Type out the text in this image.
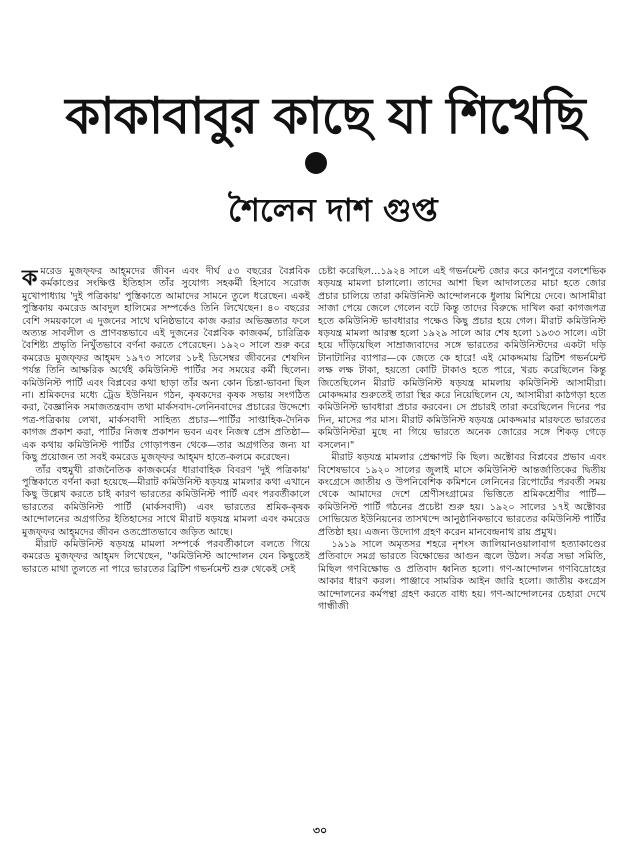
কাকাবাবুর কাছে যা শিখেছি
শৈলেন দাশ গুপ্ত

কমরেড মুজফ্‌ফর আহ্‌মদের জীবন এবং দীর্ঘ ৫৩ বছরের বৈপ্লবিক কর্মকাণ্ডের সংক্ষিপ্ত ইতিহাস তাঁর সুযোগ্য সহকর্মী হিসাবে সরোজ মুখোপাধ্যায় 'দুই পত্রিকায়' পুস্তিকাতে আমাদের সামনে তুলে ধরেছেন। একই পুস্তিকায় কমরেড আবদুল হালিমের সম্পর্কেও তিনি লিখেছেন। ৪০ বছরের বেশি সময়কালে এ দুজনের সাথে ঘনিষ্ঠভাবে কাজ করার অভিজ্ঞতার ফলে অত্যন্ত সাবলীল ও প্রাণবন্তভাবে এই দুজনের বৈপ্লবিক কাজকর্ম, চারিত্রিক বৈশিষ্ট্য প্রভৃতি নিখুঁতভাবে বর্ণনা করতে পেরেছেন। ১৯২০ সালে শুরু করে কমরেড মুজফ্‌ফর আহ্‌মদ ১৯৭৩ সালের ১৮ই ডিসেম্বর জীবনের শেষদিন পর্যন্ত তিনি আক্ষরিক অর্থেই কমিউনিস্ট পার্টির সব সময়ের কর্মী ছিলেন। কমিউনিস্ট পার্টি এবং বিপ্লবের কথা ছাড়া তাঁর অন্য কোন চিন্তা-ভাবনা ছিল না। শ্রমিকদের মধ্যে ট্রেড ইউনিয়ন গঠন, কৃষকদের কৃষক সভায় সংগঠিত করা, বৈজ্ঞানিক সমাজতন্ত্রবাদ তথা মার্কসবাদ-লেনিনবাদের প্রচারের উদ্দেশ্যে পত্র-পত্রিকায় লেখা, মার্কসবাদী সাহিত্য প্রচার—পার্টির সাপ্তাহিক-দৈনিক কাগজ প্রকাশ করা, পার্টির নিজস্ব প্রকাশন ভবন এবং নিজস্ব প্রেস প্রতিষ্ঠা—এক কথায় কমিউনিস্ট পার্টির গোড়াপত্তন থেকে—তার অগ্রগতির জন্য যা কিছু প্রয়োজন তা সবই কমরেড মুজফ্‌ফর আহ্‌মদ হাতে-কলমে করেছেন।

তাঁর বহুমুখী রাজনৈতিক কাজকর্মের ধারাবাহিক বিবরণ 'দুই পত্রিকায়' পুস্তিকাতে বর্ণনা করা হয়েছে—মীরাট কমিউনিস্ট ষড়যন্ত্র মামলার কথা এখানে কিছু উল্লেখ করতে চাই কারণ ভারতের কমিউনিস্ট পার্টি এবং পরবর্তীকালে ভারতের কমিউনিস্ট পার্টি (মার্কসবাদী) এবং ভারতের শ্রমিক-কৃষক আন্দোলনের অগ্রগতির ইতিহাসের সাথে মীরাট ষড়যন্ত্র মামলা এবং কমরেড মুজফ্‌ফর আহ্‌মদের জীবন ওতপ্রোতভাবে জড়িত আছে।

মীরাট কমিউনিস্ট ষড়যন্ত্র মামলা সম্পর্কে পরবর্তীকালে বলতে গিয়ে কমরেড মুজফ্‌ফর আহ্‌মদ লিখেছেন, "কমিউনিস্ট আন্দোলন যেন কিছুতেই ভারতে মাথা তুলতে না পারে ভারতের ব্রিটিশ গভর্নমেন্ট শুরু থেকেই সেই

চেষ্টা করেছিল…১৯২৪ সালে এই গভর্নমেন্ট জোর করে কানপুরে বলশেভিক ষড়যন্ত্র মামলা চালালো। তাদের আশা ছিল আদালতের মাচা হতে জোর প্রচার চালিয়ে তারা কমিউনিস্ট আন্দোলনকে ধুলায় মিশিয়ে দেবে। আসামীরা সাজা পেয়ে জেলে গেলেন বটে কিন্তু তাদের বিরুদ্ধে দাখিল করা কাগজপত্র হতে কমিউনিস্ট ভাবধারার পক্ষেও কিছু প্রচার হয়ে গেল। মীরাট কমিউনিস্ট ষড়যন্ত্র মামলা আরম্ভ হলো ১৯২৯ সালে আর শেষ হলো ১৯৩৩ সালে। এটা হয়ে দাঁড়িয়েছিল সাম্রাজ্যবাদের সঙ্গে ভারতের কমিউনিস্টদের একটা দড়ি টানাটানির ব্যাপার—কে জেতে কে হারে! এই মোকদ্দমায় ব্রিটিশ গভর্নমেন্ট লক্ষ লক্ষ টাকা, হয়তো কোটি টাকাও হতে পারে, খরচ করেছিলেন কিন্তু জিতেছিলেন মীরাট কমিউনিস্ট ষড়যন্ত্র মামলায় কমিউনিস্ট আসামীরা। মোকদ্দমার শুরুতেই তারা স্থির করে নিয়েছিলেন যে, আসামীরা কাঠগড়া হতে কমিউনিস্ট ভাবধারা প্রচার করবেন। সে প্রচারই তারা করেছিলেন দিনের পর দিন, মাসের পর মাস। মীরাট কমিউনিস্ট ষড়যন্ত্র মোকদ্দমার মারফতে ভারতের কমিউনিস্টরা মুছে না গিয়ে ভারতে অনেক জোরের সঙ্গে শিকড় গেড়ে বসলেন।"

মীরাট ষড়যন্ত্র মামলার প্রেক্ষাপট কি ছিল। অক্টোবর বিপ্লবের প্রভাব এবং বিশেষভাবে ১৯২০ সালের জুলাই মাসে কমিউনিস্ট আন্তর্জাতিকের দ্বিতীয় কংগ্রেসে জাতীয় ও উপনিবেশিক কমিশনে লেনিনের রিপোর্টের পরবর্তী সময় থেকে আমাদের দেশে শ্রেণীসংগ্রামের ভিত্তিতে শ্রমিকশ্রেণীর পার্টি—কমিউনিস্ট পার্টি গঠনের প্রচেষ্টা শুরু হয়। ১৯২০ সালের ১৭ই অক্টোবর সোভিয়েত ইউনিয়নের তাসখন্দে আনুষ্ঠানিকভাবে ভারতের কমিউনিস্ট পার্টির প্রতিষ্ঠা হয়। এজন্য উদ্যোগ গ্রহণ করেন মানবেন্দ্রনাথ রায় প্রমুখ।

১৯১৯ সালে অমৃতসর শহরে নৃশংস জালিয়ানওয়ালাবাগ হত্যাকাণ্ডের প্রতিবাদে সমগ্র ভারতে বিক্ষোভের আগুন জ্বলে উঠল। সর্বত্র সভা সমিতি, মিছিল গণবিক্ষোভ ও প্রতিবাদ ধ্বনিত হলো। গণ-আন্দোলন গণবিদ্রোহের আকার ধারণ করল। পাঞ্জাবে সামরিক আইন জারি হলো। জাতীয় কংগ্রেস আন্দোলনের কর্মপন্থা গ্রহণ করতে বাধ্য হয়। গণ-আন্দোলনের চেহারা দেখে গান্ধীজী

৩০
